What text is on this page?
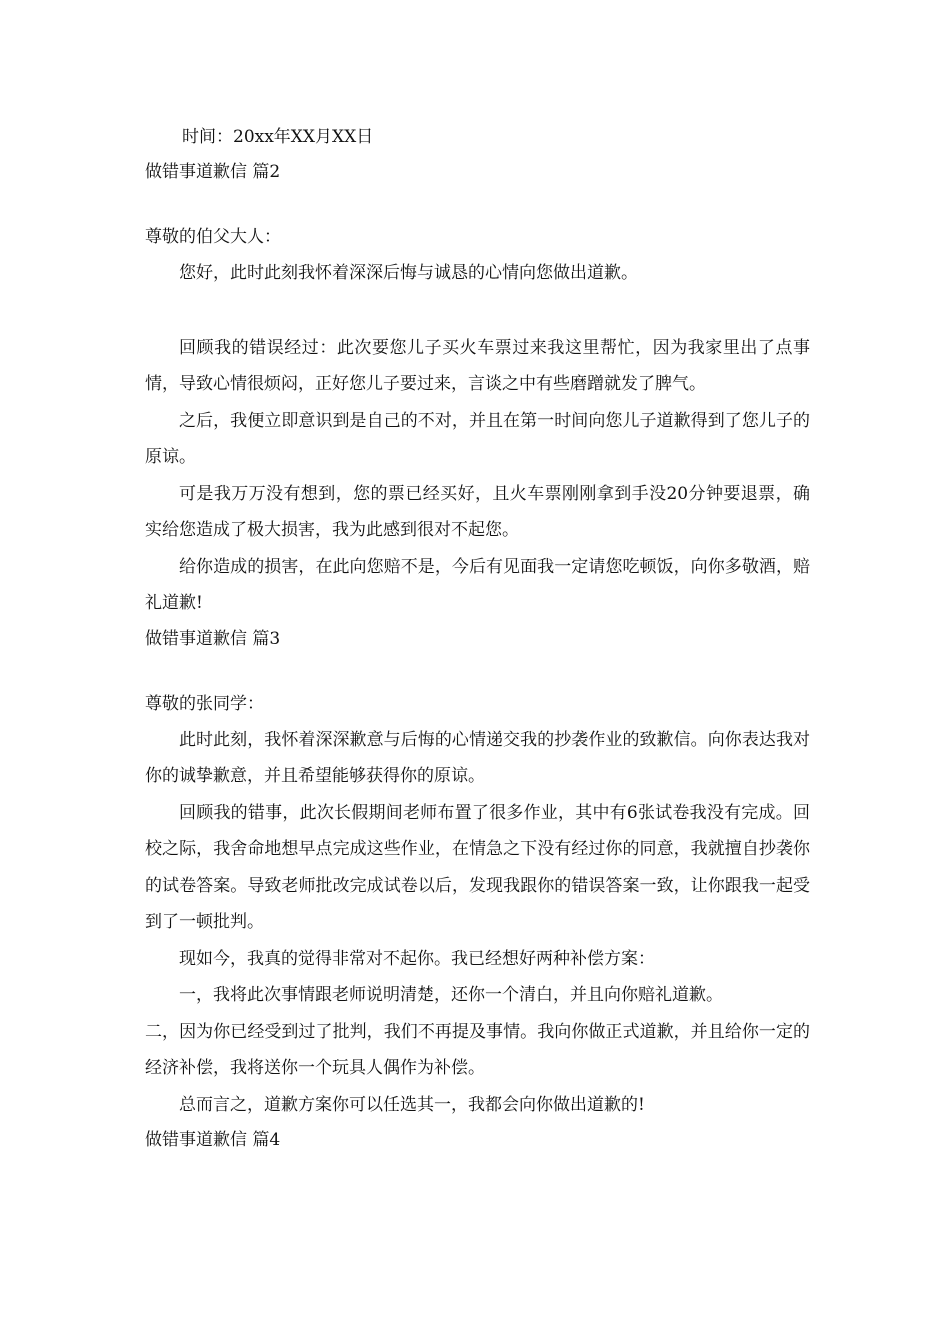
时间：20xx年XX月XX日
做错事道歉信 篇2
尊敬的伯父大人：

您好，此时此刻我怀着深深后悔与诚恳的心情向您做出道歉。

回顾我的错误经过：此次要您儿子买火车票过来我这里帮忙，因为我家里出了点事情，导致心情很烦闷，正好您儿子要过来，言谈之中有些磨蹭就发了脾气。

之后，我便立即意识到是自己的不对，并且在第一时间向您儿子道歉得到了您儿子的原谅。

可是我万万没有想到，您的票已经买好，且火车票刚刚拿到手没20分钟要退票，确实给您造成了极大损害，我为此感到很对不起您。

给你造成的损害，在此向您赔不是，今后有见面我一定请您吃顿饭，向你多敬酒，赔礼道歉!

做错事道歉信 篇3
尊敬的张同学：

此时此刻，我怀着深深歉意与后悔的心情递交我的抄袭作业的致歉信。向你表达我对你的诚挚歉意，并且希望能够获得你的原谅。

回顾我的错事，此次长假期间老师布置了很多作业，其中有6张试卷我没有完成。回校之际，我舍命地想早点完成这些作业，在情急之下没有经过你的同意，我就擅自抄袭你的试卷答案。导致老师批改完成试卷以后，发现我跟你的错误答案一致，让你跟我一起受到了一顿批判。

现如今，我真的觉得非常对不起你。我已经想好两种补偿方案：

一，我将此次事情跟老师说明清楚，还你一个清白，并且向你赔礼道歉。

二，因为你已经受到过了批判，我们不再提及事情。我向你做正式道歉，并且给你一定的经济补偿，我将送你一个玩具人偶作为补偿。

总而言之，道歉方案你可以任选其一，我都会向你做出道歉的!

做错事道歉信 篇4
